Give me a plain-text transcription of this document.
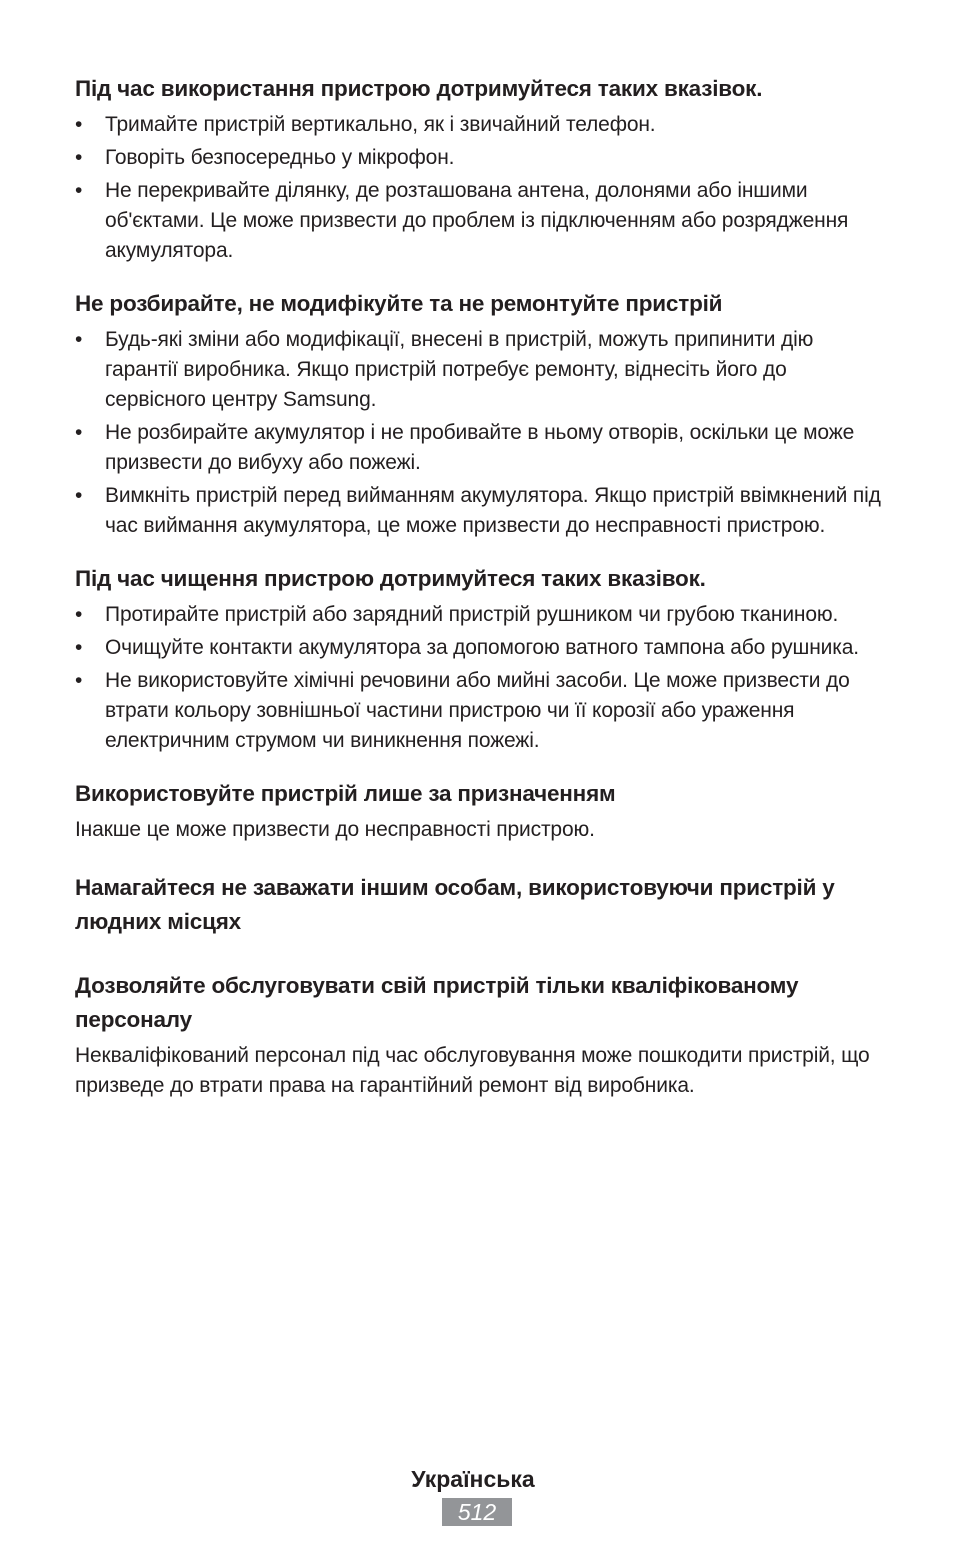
Під час використання пристрою дотримуйтеся таких вказівок.
• Тримайте пристрій вертикально, як і звичайний телефон.
• Говоріть безпосередньо у мікрофон.
• Не перекривайте ділянку, де розташована антена, долонями або іншими об'єктами. Це може призвести до проблем із підключенням або розрядження акумулятора.
Не розбирайте, не модифікуйте та не ремонтуйте пристрій
• Будь-які зміни або модифікації, внесені в пристрій, можуть припинити дію гарантії виробника. Якщо пристрій потребує ремонту, віднесіть його до сервісного центру Samsung.
• Не розбирайте акумулятор і не пробивайте в ньому отворів, оскільки це може призвести до вибуху або пожежі.
• Вимкніть пристрій перед вийманням акумулятора. Якщо пристрій ввімкнений під час виймання акумулятора, це може призвести до несправності пристрою.
Під час чищення пристрою дотримуйтеся таких вказівок.
• Протирайте пристрій або зарядний пристрій рушником чи грубою тканиною.
• Очищуйте контакти акумулятора за допомогою ватного тампона або рушника.
• Не використовуйте хімічні речовини або мийні засоби. Це може призвести до втрати кольору зовнішньої частини пристрою чи її корозії або ураження електричним струмом чи виникнення пожежі.
Використовуйте пристрій лише за призначенням

Інакше це може призвести до несправності пристрою.

Намагайтеся не заважати іншим особам, використовуючи пристрій у людних місцях
Дозволяйте обслуговувати свій пристрій тільки кваліфікованому персоналу

Некваліфікований персонал під час обслуговування може пошкодити пристрій, що призведе до втрати права на гарантійний ремонт від виробника.

Українська
512
